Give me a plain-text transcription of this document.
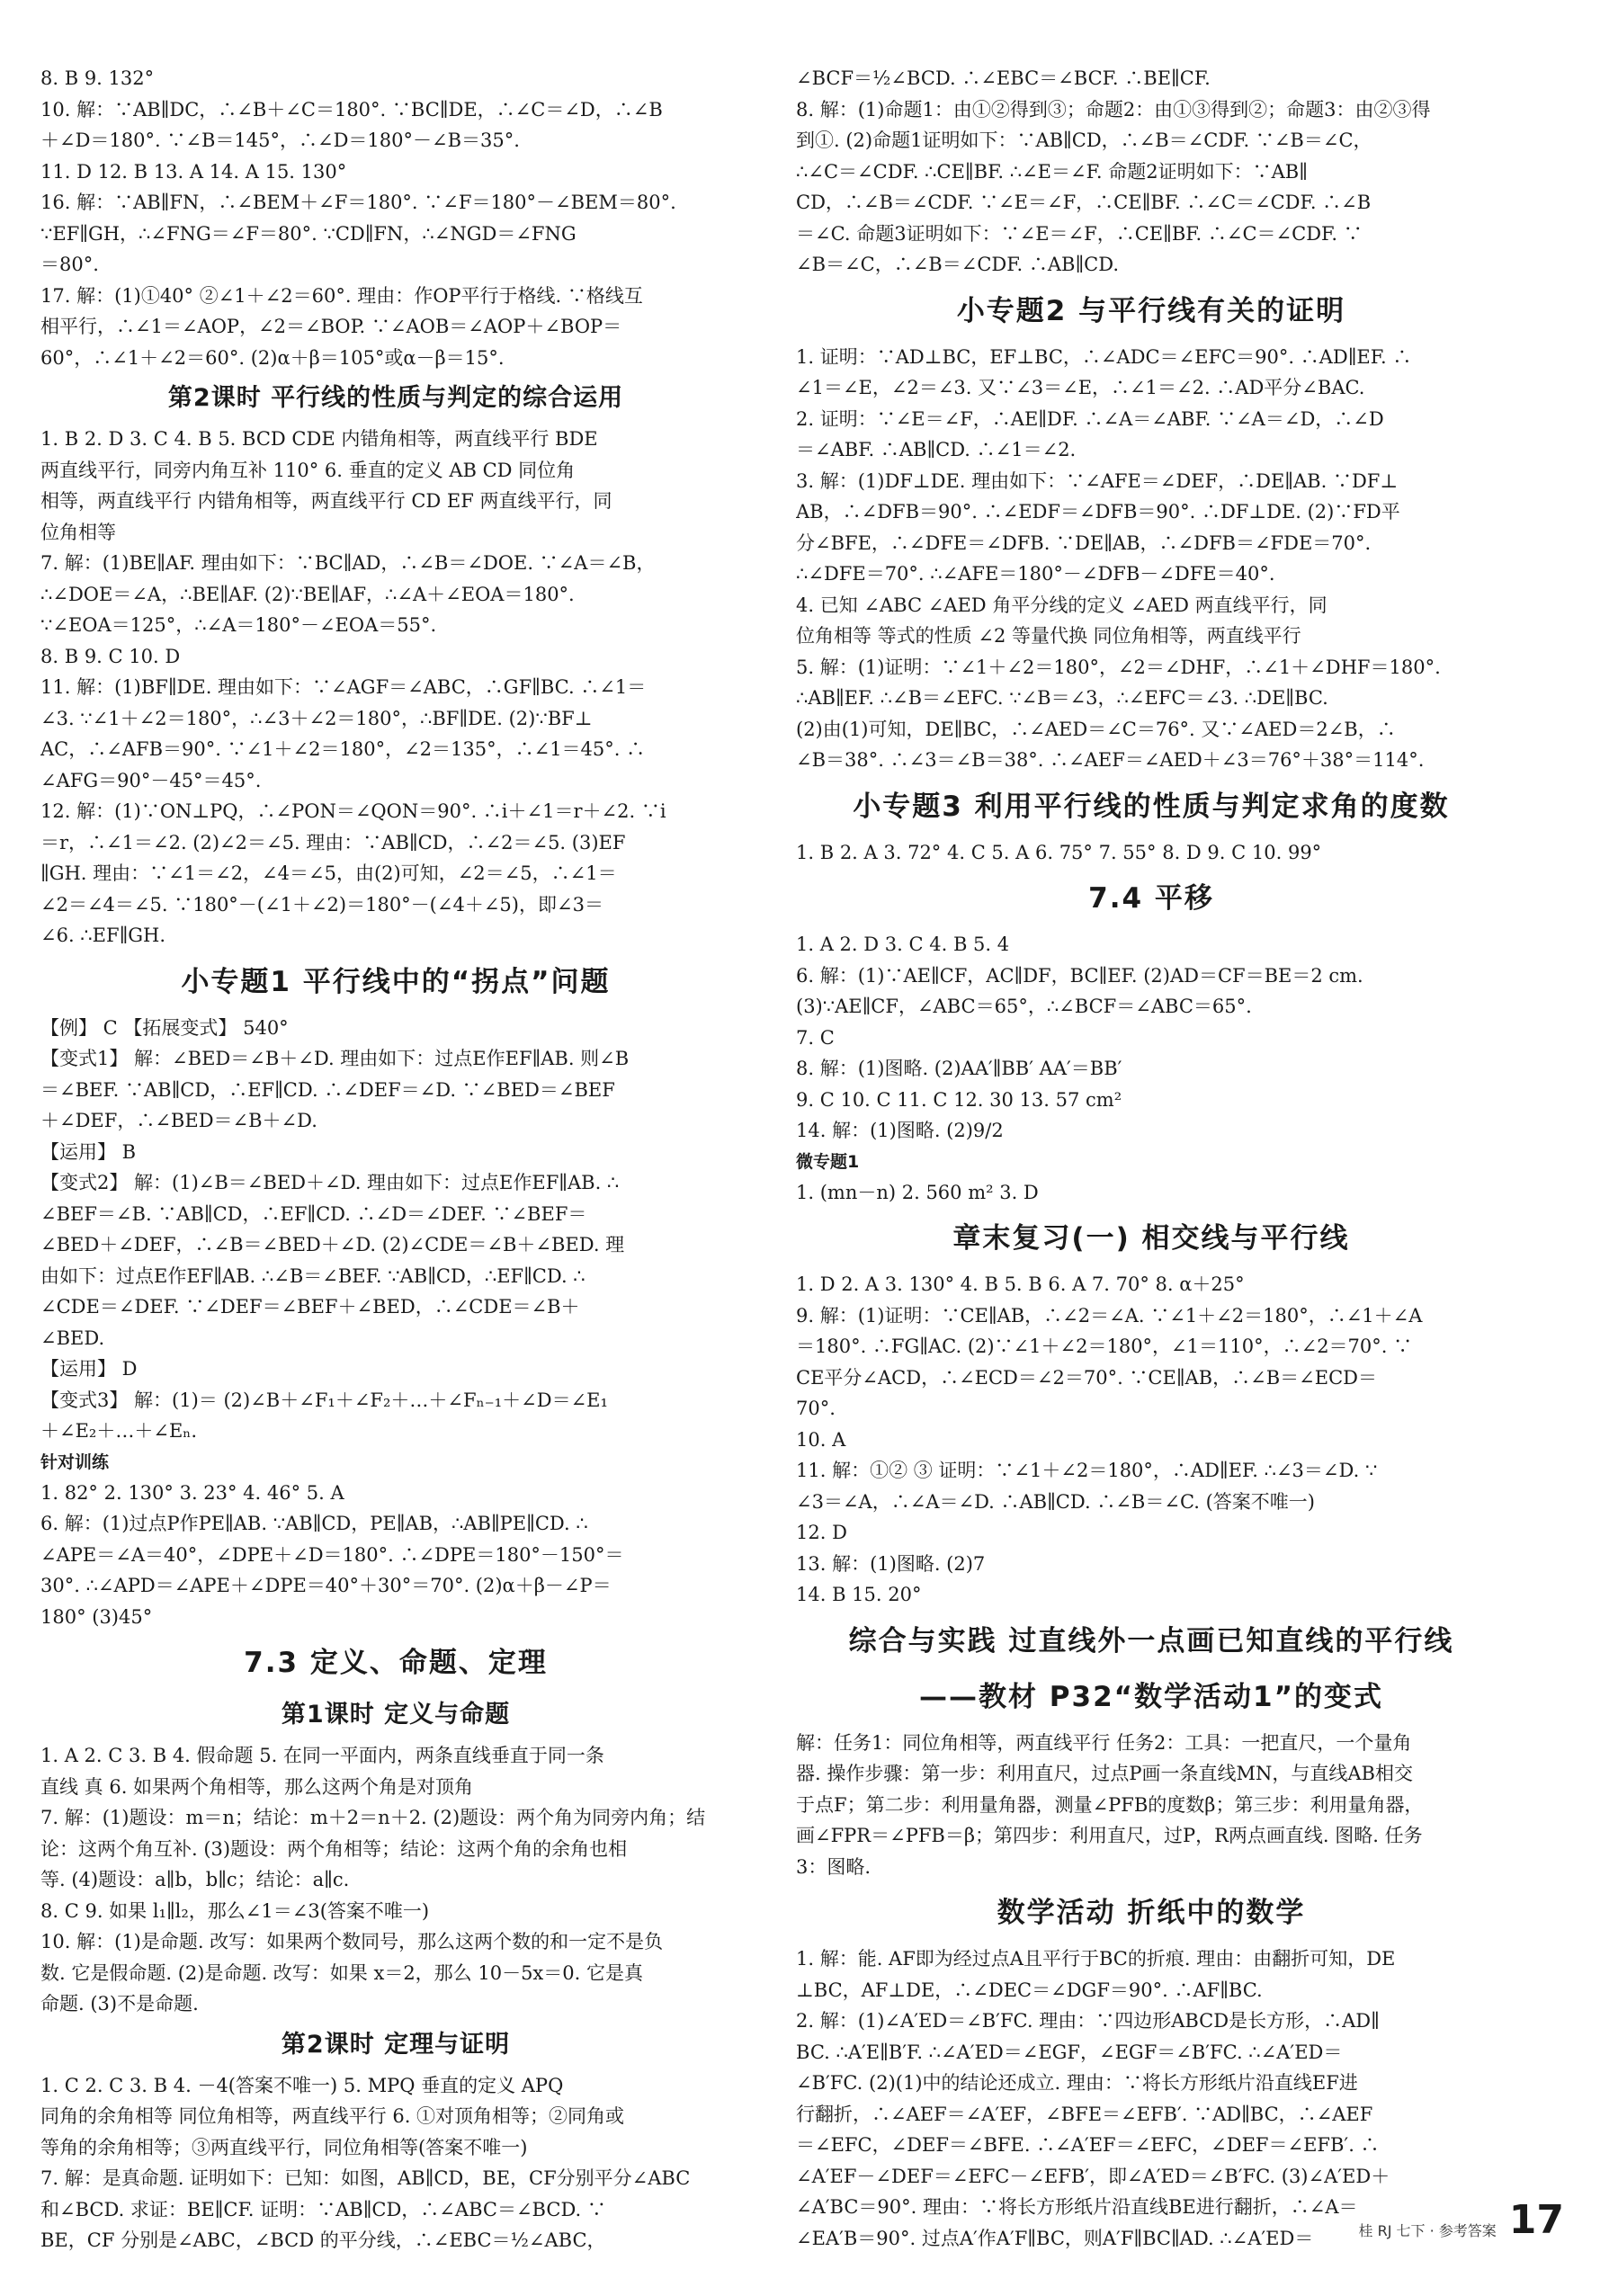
8. B 9. 132°
10. 解：∵AB∥DC，∴∠B＋∠C＝180°. ∵BC∥DE，∴∠C＝∠D，∴∠B
＋∠D＝180°. ∵∠B＝145°，∴∠D＝180°－∠B＝35°.
11. D 12. B 13. A 14. A 15. 130°
16. 解：∵AB∥FN，∴∠BEM＋∠F＝180°. ∵∠F＝180°－∠BEM＝80°.
∵EF∥GH，∴∠FNG＝∠F＝80°. ∵CD∥FN，∴∠NGD＝∠FNG
＝80°.
17. 解：(1)①40° ②∠1＋∠2＝60°. 理由：作OP平行于格线. ∵格线互
相平行，∴∠1＝∠AOP，∠2＝∠BOP. ∵∠AOB＝∠AOP＋∠BOP＝
60°，∴∠1＋∠2＝60°. (2)α＋β＝105°或α－β＝15°.
第2课时 平行线的性质与判定的综合运用
1. B 2. D 3. C 4. B 5. BCD CDE 内错角相等，两直线平行 BDE
两直线平行，同旁内角互补 110° 6. 垂直的定义 AB CD 同位角
相等，两直线平行 内错角相等，两直线平行 CD EF 两直线平行，同
位角相等
7. 解：(1)BE∥AF. 理由如下：∵BC∥AD，∴∠B＝∠DOE. ∵∠A＝∠B，
∴∠DOE＝∠A，∴BE∥AF. (2)∵BE∥AF，∴∠A＋∠EOA＝180°.
∵∠EOA＝125°，∴∠A＝180°－∠EOA＝55°.
8. B 9. C 10. D
11. 解：(1)BF∥DE. 理由如下：∵∠AGF＝∠ABC，∴GF∥BC. ∴∠1＝
∠3. ∵∠1＋∠2＝180°，∴∠3＋∠2＝180°，∴BF∥DE. (2)∵BF⊥
AC，∴∠AFB＝90°. ∵∠1＋∠2＝180°，∠2＝135°，∴∠1＝45°. ∴
∠AFG＝90°－45°＝45°.
12. 解：(1)∵ON⊥PQ，∴∠PON＝∠QON＝90°. ∴i＋∠1＝r＋∠2. ∵i
＝r，∴∠1＝∠2. (2)∠2＝∠5. 理由：∵AB∥CD，∴∠2＝∠5. (3)EF
∥GH. 理由：∵∠1＝∠2，∠4＝∠5，由(2)可知，∠2＝∠5，∴∠1＝
∠2＝∠4＝∠5. ∵180°－(∠1＋∠2)＝180°－(∠4＋∠5)，即∠3＝
∠6. ∴EF∥GH.
小专题1 平行线中的“拐点”问题
【例】 C 【拓展变式】 540°
【变式1】 解：∠BED＝∠B＋∠D. 理由如下：过点E作EF∥AB. 则∠B
＝∠BEF. ∵AB∥CD，∴EF∥CD. ∴∠DEF＝∠D. ∵∠BED＝∠BEF
＋∠DEF，∴∠BED＝∠B＋∠D.
【运用】 B
【变式2】 解：(1)∠B＝∠BED＋∠D. 理由如下：过点E作EF∥AB. ∴
∠BEF＝∠B. ∵AB∥CD，∴EF∥CD. ∴∠D＝∠DEF. ∵∠BEF＝
∠BED＋∠DEF，∴∠B＝∠BED＋∠D. (2)∠CDE＝∠B＋∠BED. 理
由如下：过点E作EF∥AB. ∴∠B＝∠BEF. ∵AB∥CD，∴EF∥CD. ∴
∠CDE＝∠DEF. ∵∠DEF＝∠BEF＋∠BED，∴∠CDE＝∠B＋
∠BED.
【运用】 D
【变式3】 解：(1)＝ (2)∠B＋∠F₁＋∠F₂＋…＋∠Fₙ₋₁＋∠D＝∠E₁
＋∠E₂＋…＋∠Eₙ.
针对训练
1. 82° 2. 130° 3. 23° 4. 46° 5. A
6. 解：(1)过点P作PE∥AB. ∵AB∥CD，PE∥AB，∴AB∥PE∥CD. ∴
∠APE＝∠A＝40°，∠DPE＋∠D＝180°. ∴∠DPE＝180°－150°＝
30°. ∴∠APD＝∠APE＋∠DPE＝40°＋30°＝70°. (2)α＋β－∠P＝
180° (3)45°
7.3 定义、命题、定理
第1课时 定义与命题
1. A 2. C 3. B 4. 假命题 5. 在同一平面内，两条直线垂直于同一条
直线 真 6. 如果两个角相等，那么这两个角是对顶角
7. 解：(1)题设：m＝n；结论：m＋2＝n＋2. (2)题设：两个角为同旁内角；结
论：这两个角互补. (3)题设：两个角相等；结论：这两个角的余角也相
等. (4)题设：a∥b，b∥c；结论：a∥c.
8. C 9. 如果 l₁∥l₂，那么∠1＝∠3(答案不唯一)
10. 解：(1)是命题. 改写：如果两个数同号，那么这两个数的和一定不是负
数. 它是假命题. (2)是命题. 改写：如果 x＝2，那么 10－5x＝0. 它是真
命题. (3)不是命题.
第2课时 定理与证明
1. C 2. C 3. B 4. －4(答案不唯一) 5. MPQ 垂直的定义 APQ
同角的余角相等 同位角相等，两直线平行 6. ①对顶角相等；②同角或
等角的余角相等；③两直线平行，同位角相等(答案不唯一)
7. 解：是真命题. 证明如下：已知：如图，AB∥CD，BE，CF分别平分∠ABC
和∠BCD. 求证：BE∥CF. 证明：∵AB∥CD，∴∠ABC＝∠BCD. ∵
BE，CF 分别是∠ABC，∠BCD 的平分线，∴∠EBC＝½∠ABC，
∠BCF＝½∠BCD. ∴∠EBC＝∠BCF. ∴BE∥CF.
8. 解：(1)命题1：由①②得到③；命题2：由①③得到②；命题3：由②③得
到①. (2)命题1证明如下：∵AB∥CD，∴∠B＝∠CDF. ∵∠B＝∠C，
∴∠C＝∠CDF. ∴CE∥BF. ∴∠E＝∠F. 命题2证明如下：∵AB∥
CD，∴∠B＝∠CDF. ∵∠E＝∠F，∴CE∥BF. ∴∠C＝∠CDF. ∴∠B
＝∠C. 命题3证明如下：∵∠E＝∠F，∴CE∥BF. ∴∠C＝∠CDF. ∵
∠B＝∠C，∴∠B＝∠CDF. ∴AB∥CD.
小专题2 与平行线有关的证明
1. 证明：∵AD⊥BC，EF⊥BC，∴∠ADC＝∠EFC＝90°. ∴AD∥EF. ∴
∠1＝∠E，∠2＝∠3. 又∵∠3＝∠E，∴∠1＝∠2. ∴AD平分∠BAC.
2. 证明：∵∠E＝∠F，∴AE∥DF. ∴∠A＝∠ABF. ∵∠A＝∠D，∴∠D
＝∠ABF. ∴AB∥CD. ∴∠1＝∠2.
3. 解：(1)DF⊥DE. 理由如下：∵∠AFE＝∠DEF，∴DE∥AB. ∵DF⊥
AB，∴∠DFB＝90°. ∴∠EDF＝∠DFB＝90°. ∴DF⊥DE. (2)∵FD平
分∠BFE，∴∠DFE＝∠DFB. ∵DE∥AB，∴∠DFB＝∠FDE＝70°.
∴∠DFE＝70°. ∴∠AFE＝180°－∠DFB－∠DFE＝40°.
4. 已知 ∠ABC ∠AED 角平分线的定义 ∠AED 两直线平行，同
位角相等 等式的性质 ∠2 等量代换 同位角相等，两直线平行
5. 解：(1)证明：∵∠1＋∠2＝180°，∠2＝∠DHF，∴∠1＋∠DHF＝180°.
∴AB∥EF. ∴∠B＝∠EFC. ∵∠B＝∠3，∴∠EFC＝∠3. ∴DE∥BC.
(2)由(1)可知，DE∥BC，∴∠AED＝∠C＝76°. 又∵∠AED＝2∠B，∴
∠B＝38°. ∴∠3＝∠B＝38°. ∴∠AEF＝∠AED＋∠3＝76°＋38°＝114°.
小专题3 利用平行线的性质与判定求角的度数
1. B 2. A 3. 72° 4. C 5. A 6. 75° 7. 55° 8. D 9. C 10. 99°
7.4 平移
1. A 2. D 3. C 4. B 5. 4
6. 解：(1)∵AE∥CF，AC∥DF，BC∥EF. (2)AD＝CF＝BE＝2 cm.
(3)∵AE∥CF，∠ABC＝65°，∴∠BCF＝∠ABC＝65°.
7. C
8. 解：(1)图略. (2)AA′∥BB′ AA′＝BB′
9. C 10. C 11. C 12. 30 13. 57 cm²
14. 解：(1)图略. (2)9/2
微专题1
1. (mn－n) 2. 560 m² 3. D
章末复习(一) 相交线与平行线
1. D 2. A 3. 130° 4. B 5. B 6. A 7. 70° 8. α＋25°
9. 解：(1)证明：∵CE∥AB，∴∠2＝∠A. ∵∠1＋∠2＝180°，∴∠1＋∠A
＝180°. ∴FG∥AC. (2)∵∠1＋∠2＝180°，∠1＝110°，∴∠2＝70°. ∵
CE平分∠ACD，∴∠ECD＝∠2＝70°. ∵CE∥AB，∴∠B＝∠ECD＝
70°.
10. A
11. 解：①② ③ 证明：∵∠1＋∠2＝180°，∴AD∥EF. ∴∠3＝∠D. ∵
∠3＝∠A，∴∠A＝∠D. ∴AB∥CD. ∴∠B＝∠C. (答案不唯一)
12. D
13. 解：(1)图略. (2)7
14. B 15. 20°
综合与实践 过直线外一点画已知直线的平行线
——教材 P32“数学活动1”的变式
解：任务1：同位角相等，两直线平行 任务2：工具：一把直尺，一个量角
器. 操作步骤：第一步：利用直尺，过点P画一条直线MN，与直线AB相交
于点F；第二步：利用量角器，测量∠PFB的度数β；第三步：利用量角器，
画∠FPR＝∠PFB＝β；第四步：利用直尺，过P，R两点画直线. 图略. 任务
3：图略.
数学活动 折纸中的数学
1. 解：能. AF即为经过点A且平行于BC的折痕. 理由：由翻折可知，DE
⊥BC，AF⊥DE，∴∠DEC＝∠DGF＝90°. ∴AF∥BC.
2. 解：(1)∠A′ED＝∠B′FC. 理由：∵四边形ABCD是长方形，∴AD∥
BC. ∴A′E∥B′F. ∴∠A′ED＝∠EGF，∠EGF＝∠B′FC. ∴∠A′ED＝
∠B′FC. (2)(1)中的结论还成立. 理由：∵将长方形纸片沿直线EF进
行翻折，∴∠AEF＝∠A′EF，∠BFE＝∠EFB′. ∵AD∥BC，∴∠AEF
＝∠EFC，∠DEF＝∠BFE. ∴∠A′EF＝∠EFC，∠DEF＝∠EFB′. ∴
∠A′EF－∠DEF＝∠EFC－∠EFB′，即∠A′ED＝∠B′FC. (3)∠A′ED＋
∠A′BC＝90°. 理由：∵将长方形纸片沿直线BE进行翻折，∴∠A＝
∠EA′B＝90°. 过点A′作A′F∥BC，则A′F∥BC∥AD. ∴∠A′ED＝	桂 RJ 七下 · 参考答案 17
